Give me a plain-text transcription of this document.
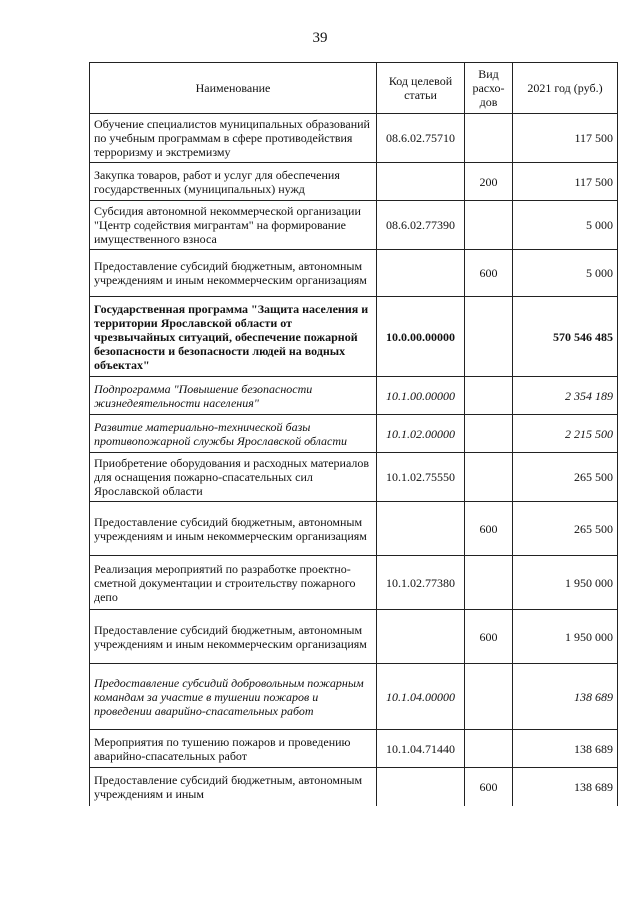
39
Наименование	Код целевой статьи	Вид расхо-дов	2021 год (руб.)
Обучение специалистов муниципальных образований по учебным программам в сфере противодействия терроризму и экстремизму	08.6.02.75710		117 500
Закупка товаров, работ и услуг для обеспечения государственных (муниципальных) нужд		200	117 500
Субсидия автономной некоммерческой организации "Центр содействия мигрантам" на формирование имущественного взноса	08.6.02.77390		5 000
Предоставление субсидий бюджетным, автономным учреждениям и иным некоммерческим организациям		600	5 000
Государственная программа "Защита населения и территории Ярославской области от чрезвычайных ситуаций, обеспечение пожарной безопасности и безопасности людей на водных объектах"	10.0.00.00000		570 546 485
Подпрограмма "Повышение безопасности жизнедеятельности населения"	10.1.00.00000		2 354 189
Развитие материально-технической базы противопожарной службы Ярославской области	10.1.02.00000		2 215 500
Приобретение оборудования и расходных материалов для оснащения пожарно-спасательных сил Ярославской области	10.1.02.75550		265 500
Предоставление субсидий бюджетным, автономным учреждениям и иным некоммерческим организациям		600	265 500
Реализация мероприятий по разработке проектно-сметной документации и строительству пожарного депо	10.1.02.77380		1 950 000
Предоставление субсидий бюджетным, автономным учреждениям и иным некоммерческим организациям		600	1 950 000
Предоставление субсидий добровольным пожарным командам за участие в тушении пожаров и проведении аварийно-спасательных работ	10.1.04.00000		138 689
Мероприятия по тушению пожаров и проведению аварийно-спасательных работ	10.1.04.71440		138 689
Предоставление субсидий бюджетным, автономным учреждениям и иным		600	138 689
